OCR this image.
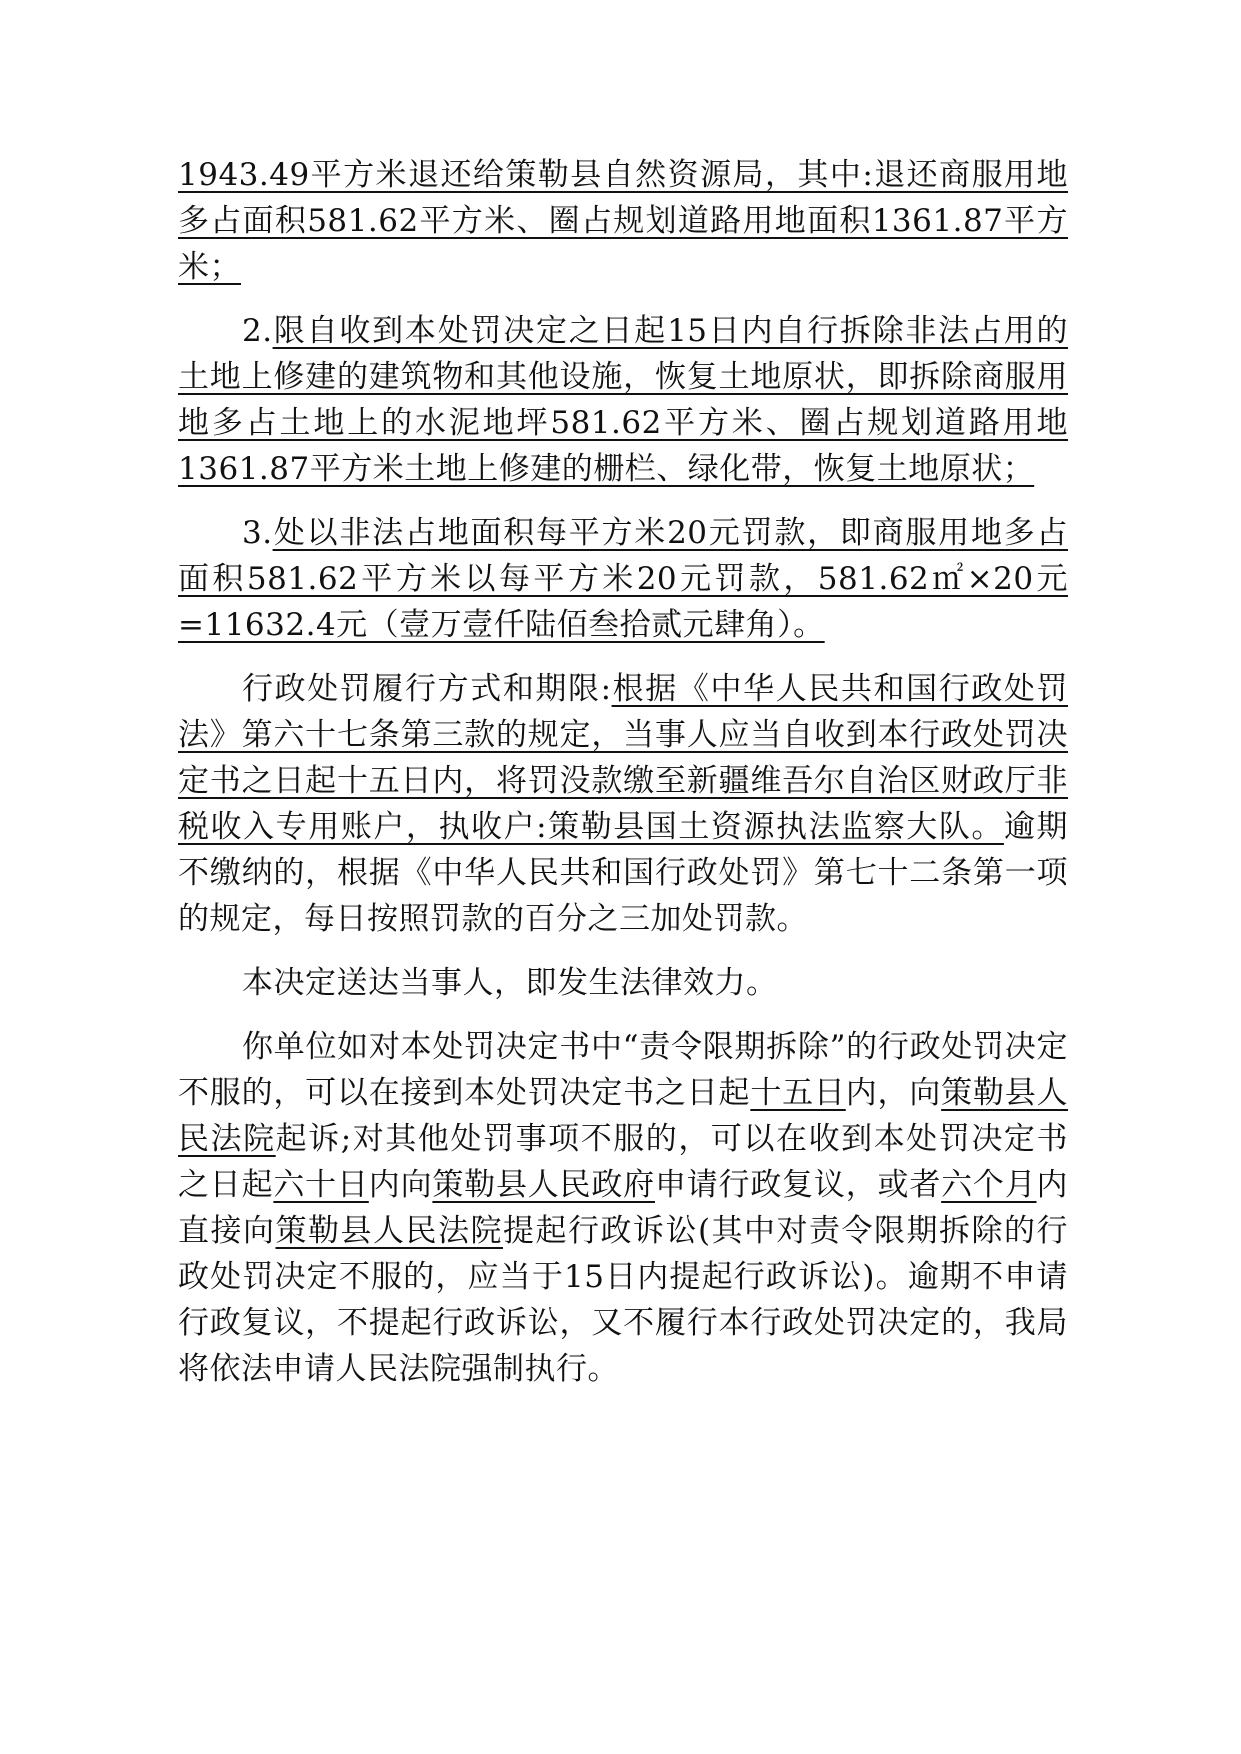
1943.49平方米退还给策勒县自然资源局，其中:退还商服用地多占面积581.62平方米、圈占规划道路用地面积1361.87平方米；

2.限自收到本处罚决定之日起15日内自行拆除非法占用的土地上修建的建筑物和其他设施，恢复土地原状，即拆除商服用地多占土地上的水泥地坪581.62平方米、圈占规划道路用地1361.87平方米土地上修建的栅栏、绿化带，恢复土地原状；

3.处以非法占地面积每平方米20元罚款，即商服用地多占面积581.62平方米以每平方米20元罚款，581.62㎡×20元=11632.4元（壹万壹仟陆佰叁拾贰元肆角）。

行政处罚履行方式和期限:根据《中华人民共和国行政处罚法》第六十七条第三款的规定，当事人应当自收到本行政处罚决定书之日起十五日内，将罚没款缴至新疆维吾尔自治区财政厅非税收入专用账户，执收户:策勒县国土资源执法监察大队。逾期不缴纳的，根据《中华人民共和国行政处罚》第七十二条第一项的规定，每日按照罚款的百分之三加处罚款。

本决定送达当事人，即发生法律效力。

你单位如对本处罚决定书中“责令限期拆除”的行政处罚决定不服的，可以在接到本处罚决定书之日起十五日内，向策勒县人民法院起诉;对其他处罚事项不服的，可以在收到本处罚决定书之日起六十日内向策勒县人民政府申请行政复议，或者六个月内直接向策勒县人民法院提起行政诉讼(其中对责令限期拆除的行政处罚决定不服的，应当于15日内提起行政诉讼)。逾期不申请行政复议，不提起行政诉讼，又不履行本行政处罚决定的，我局将依法申请人民法院强制执行。
